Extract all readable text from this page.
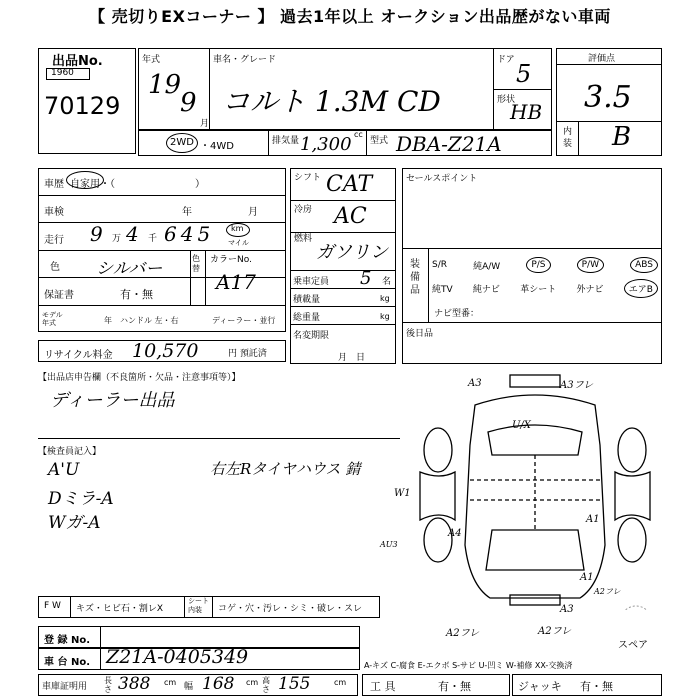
【 売切りEXコーナー 】 過去1年以上 オークション出品歴がない車両
出品No.
1960
70129
年式
19
9
月
車名・グレード
コルト 1.3M CD
ドア 5
形状
HB
評価点
3.5
内装 B
2WD ・4WD	排気量 1,300 cc
型式 DBA-Z21A
車歴 自家用・（　　　　　　　　）
車検	年	月
走行 9 万 4 千 645 km
マイル
色 シルバー
色替
カラーNo.
A17
保証書	有・無
モデル年式	年 ハンドル 左・右	ディーラー・並行
リサイクル料金 10,570	円 預託済
シフト CAT
冷房 AC
燃料
ガソリン
乗車定員 5 名
積載量	kg
総重量	kg
名変期限
月　日
セールスポイント
装備品
S/R	純A/W	P/S	P/W	ABS
純TV 純ナビ 革シート 外ナビ	エアB
ナビ型番：
後日品
【出品店申告欄（不良箇所・欠品・注意事項等）】
ディーラー出品
【検査員記入】
A'U
Dミラ-A
Wガ-A
右左Rタイヤハウス 錆
A3	A3フレ
U/X
A1
W1
AU3
A4
A1
A2フレ	A2フレ
A3
A2フレ
スペア
F W キズ・ヒビ石・割レX
シート内装	コゲ・穴・汚レ・シミ・破レ・スレ
登 録 No.
車 台 No. Z21A-0405349	A-キズ C-腐食 E-エクボ S-サビ U-凹ミ W-補修 XX-交換済
車庫証明用
長さ 388 cm 幅 168 cm 高さ 155	cm 工 具	有・無	ジャッキ 有・無
